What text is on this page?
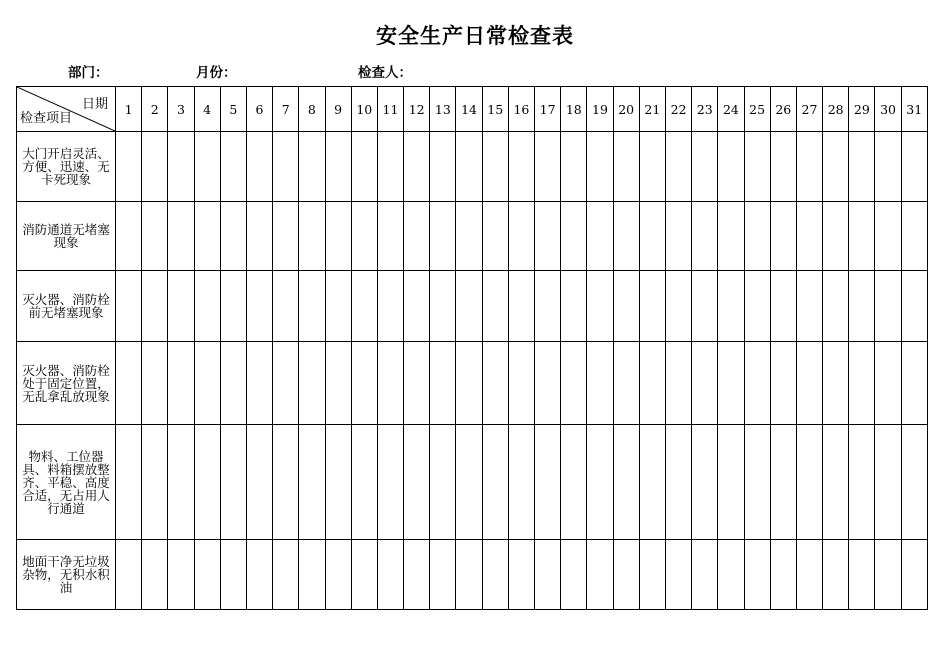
安全生产日常检查表
部门：	月份：	检查人：
日期
检查项目	1	2	3	4	5	6	7	8	9	10	11	12	13	14	15	16	17	18	19	20	21	22	23	24	25	26	27	28	29	30	31
大门开启灵活、方便、迅速、无卡死现象																															
消防通道无堵塞现象																															
灭火器、消防栓前无堵塞现象																															
灭火器、消防栓处于固定位置，无乱拿乱放现象																															
物料、工位器具、料箱摆放整齐、平稳、高度合适，无占用人行通道																															
地面干净无垃圾杂物，无积水积油																															
